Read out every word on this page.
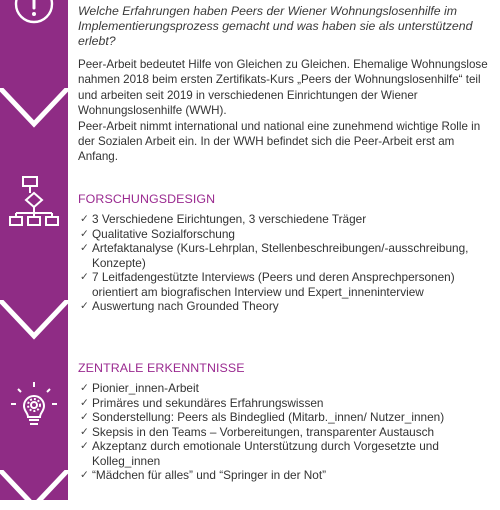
Welche Erfahrungen haben Peers der Wiener Wohnungslosenhilfe im Implementierungsprozess gemacht und was haben sie als unterstützend erlebt?

Peer-Arbeit bedeutet Hilfe von Gleichen zu Gleichen. Ehemalige Wohnungslose nahmen 2018 beim ersten Zertifikats-Kurs „Peers der Wohnungslosenhilfe“ teil und arbeiten seit 2019 in verschiedenen Einrichtungen der Wiener Wohnungslosenhilfe (WWH).

Peer-Arbeit nimmt international und national eine zunehmend wichtige Rolle in der Sozialen Arbeit ein. In der WWH befindet sich die Peer-Arbeit erst am Anfang.

FORSCHUNGSDESIGN
✓ 3 Verschiedene Eirichtungen, 3 verschiedene Träger
✓ Qualitative Sozialforschung
✓ Artefaktanalyse (Kurs-Lehrplan, Stellenbeschreibungen/-ausschreibung, Konzepte)
✓ 7 Leitfadengestützte Interviews (Peers und deren Ansprechpersonen) orientiert am biografischen Interview und Expert_inneninterview
✓ Auswertung nach Grounded Theory
ZENTRALE ERKENNTNISSE
✓ Pionier_innen-Arbeit
✓ Primäres und sekundäres Erfahrungswissen
✓ Sonderstellung: Peers als Bindeglied (Mitarb._innen/ Nutzer_innen)
✓ Skepsis in den Teams – Vorbereitungen, transparenter Austausch
✓ Akzeptanz durch emotionale Unterstützung durch Vorgesetzte und Kolleg_innen
✓ “Mädchen für alles” und “Springer in der Not”
